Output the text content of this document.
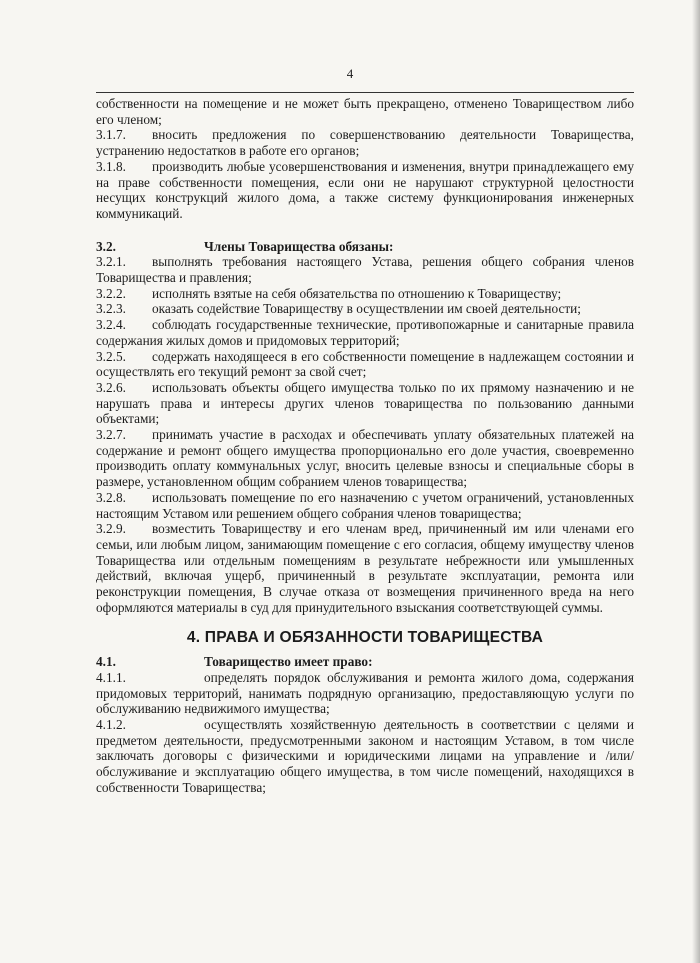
4

собственности на помещение и не может быть прекращено, отменено Товариществом либо его членом;

3.1.7. вносить предложения по совершенствованию деятельности Товарищества, устранению недостатков в работе его органов;

3.1.8. производить любые усовершенствования и изменения, внутри принадлежащего ему на праве собственности помещения, если они не нарушают структурной целостности несущих конструкций жилого дома, а также систему функционирования инженерных коммуникаций.

3.2.	Члены Товарищества обязаны:

3.2.1. выполнять требования настоящего Устава, решения общего собрания членов Товарищества и правления;

3.2.2. исполнять взятые на себя обязательства по отношению к Товариществу;

3.2.3. оказать содействие Товариществу в осуществлении им своей деятельности;

3.2.4. соблюдать государственные технические, противопожарные и санитарные правила содержания жилых домов и придомовых территорий;

3.2.5. содержать находящееся в его собственности помещение в надлежащем состоянии и осуществлять его текущий ремонт за свой счет;

3.2.6. использовать объекты общего имущества только по их прямому назначению и не нарушать права и интересы других членов товарищества по пользованию данными объектами;

3.2.7. принимать участие в расходах и обеспечивать уплату обязательных платежей на содержание и ремонт общего имущества пропорционально его доле участия, своевременно производить оплату коммунальных услуг, вносить целевые взносы и специальные сборы в размере, установленном общим собранием членов товарищества;

3.2.8. использовать помещение по его назначению с учетом ограничений, установленных настоящим Уставом или решением общего собрания членов товарищества;

3.2.9. возместить Товариществу и его членам вред, причиненный им или членами его семьи, или любым лицом, занимающим помещение с его согласия, общему имуществу членов Товарищества или отдельным помещениям в результате небрежности или умышленных действий, включая ущерб, причиненный в результате эксплуатации, ремонта или реконструкции помещения, В случае отказа от возмещения причиненного вреда на него оформляются материалы в суд для принудительного взыскания соответствующей суммы.

4. ПРАВА И ОБЯЗАННОСТИ ТОВАРИЩЕСТВА

4.1.	Товарищество имеет право:

4.1.1.	определять порядок обслуживания и ремонта жилого дома, содержания придомовых территорий, нанимать подрядную организацию, предоставляющую услуги по обслуживанию недвижимого имущества;

4.1.2.	осуществлять хозяйственную деятельность в соответствии с целями и предметом деятельности, предусмотренными законом и настоящим Уставом, в том числе заключать договоры с физическими и юридическими лицами на управление и /или/ обслуживание и эксплуатацию общего имущества, в том числе помещений, находящихся в собственности Товарищества;
